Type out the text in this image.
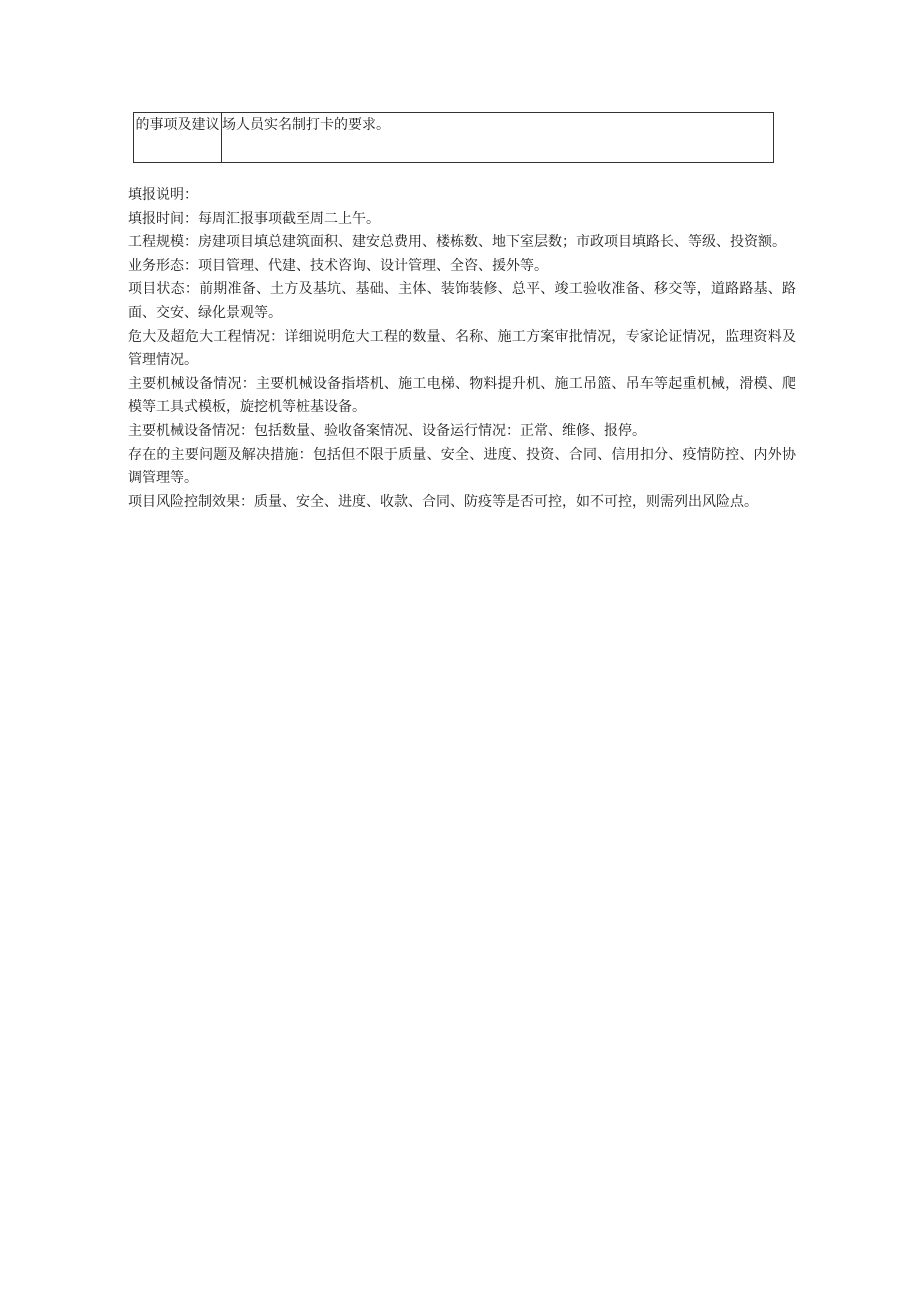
的事项及建议	场人员实名制打卡的要求。

填报说明：

填报时间：每周汇报事项截至周二上午。

工程规模：房建项目填总建筑面积、建安总费用、楼栋数、地下室层数；市政项目填路长、等级、投资额。

业务形态：项目管理、代建、技术咨询、设计管理、全咨、援外等。

项目状态：前期准备、土方及基坑、基础、主体、装饰装修、总平、竣工验收准备、移交等，道路路基、路面、交安、绿化景观等。

危大及超危大工程情况：详细说明危大工程的数量、名称、施工方案审批情况，专家论证情况，监理资料及管理情况。

主要机械设备情况：主要机械设备指塔机、施工电梯、物料提升机、施工吊篮、吊车等起重机械，滑模、爬模等工具式模板，旋挖机等桩基设备。

主要机械设备情况：包括数量、验收备案情况、设备运行情况：正常、维修、报停。

存在的主要问题及解决措施：包括但不限于质量、安全、进度、投资、合同、信用扣分、疫情防控、内外协调管理等。

项目风险控制效果：质量、安全、进度、收款、合同、防疫等是否可控，如不可控，则需列出风险点。
